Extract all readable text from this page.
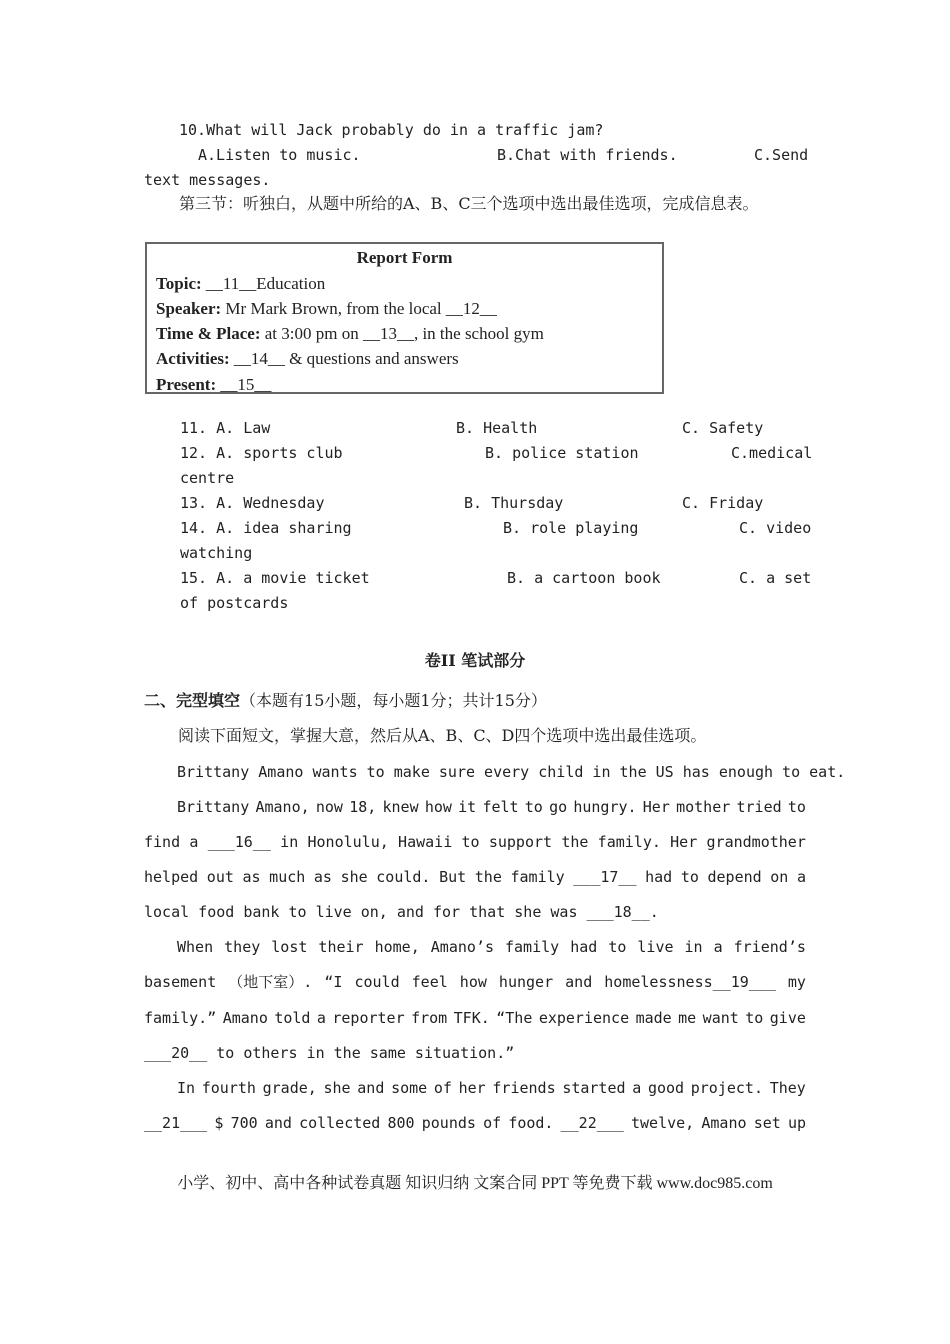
10.What will Jack probably do in a traffic jam?
A.Listen to music.	B.Chat with friends.	C.Send
text messages.
第三节：听独白，从题中所给的A、B、C三个选项中选出最佳选项，完成信息表。
Report Form
Topic: __11__Education
Speaker: Mr Mark Brown, from the local __12__
Time & Place: at 3:00 pm on __13__, in the school gym
Activities: __14__ & questions and answers
Present: __15__
11. A. Law	B. Health	C. Safety
12. A. sports club	B. police station	C.medical
centre
13. A. Wednesday	B. Thursday	C. Friday
14. A. idea sharing	B. role playing	C. video
watching
15. A. a movie ticket	B. a cartoon book	C. a set
of postcards
卷II 笔试部分
二、完型填空（本题有15小题，每小题1分；共计15分）
阅读下面短文，掌握大意，然后从A、B、C、D四个选项中选出最佳选项。
Brittany Amano wants to make sure every child in the US has enough to eat.
Brittany Amano, now 18, knew how it felt to go hungry. Her mother tried to
find a ___16__ in Honolulu, Hawaii to support the family. Her grandmother
helped out as much as she could. But the family ___17__ had to depend on a
local food bank to live on, and for that she was ___18__.
When they lost their home, Amano’s family had to live in a friend’s
basement （地下室）. “I could feel how hunger and homelessness__19___ my
family.” Amano told a reporter from TFK. “The experience made me want to give
___20__ to others in the same situation.”
In fourth grade, she and some of her friends started a good project. They
__21___ $ 700 and collected 800 pounds of food. __22___ twelve, Amano set up
小学、初中、高中各种试卷真题 知识归纳 文案合同 PPT 等免费下载 www.doc985.com
